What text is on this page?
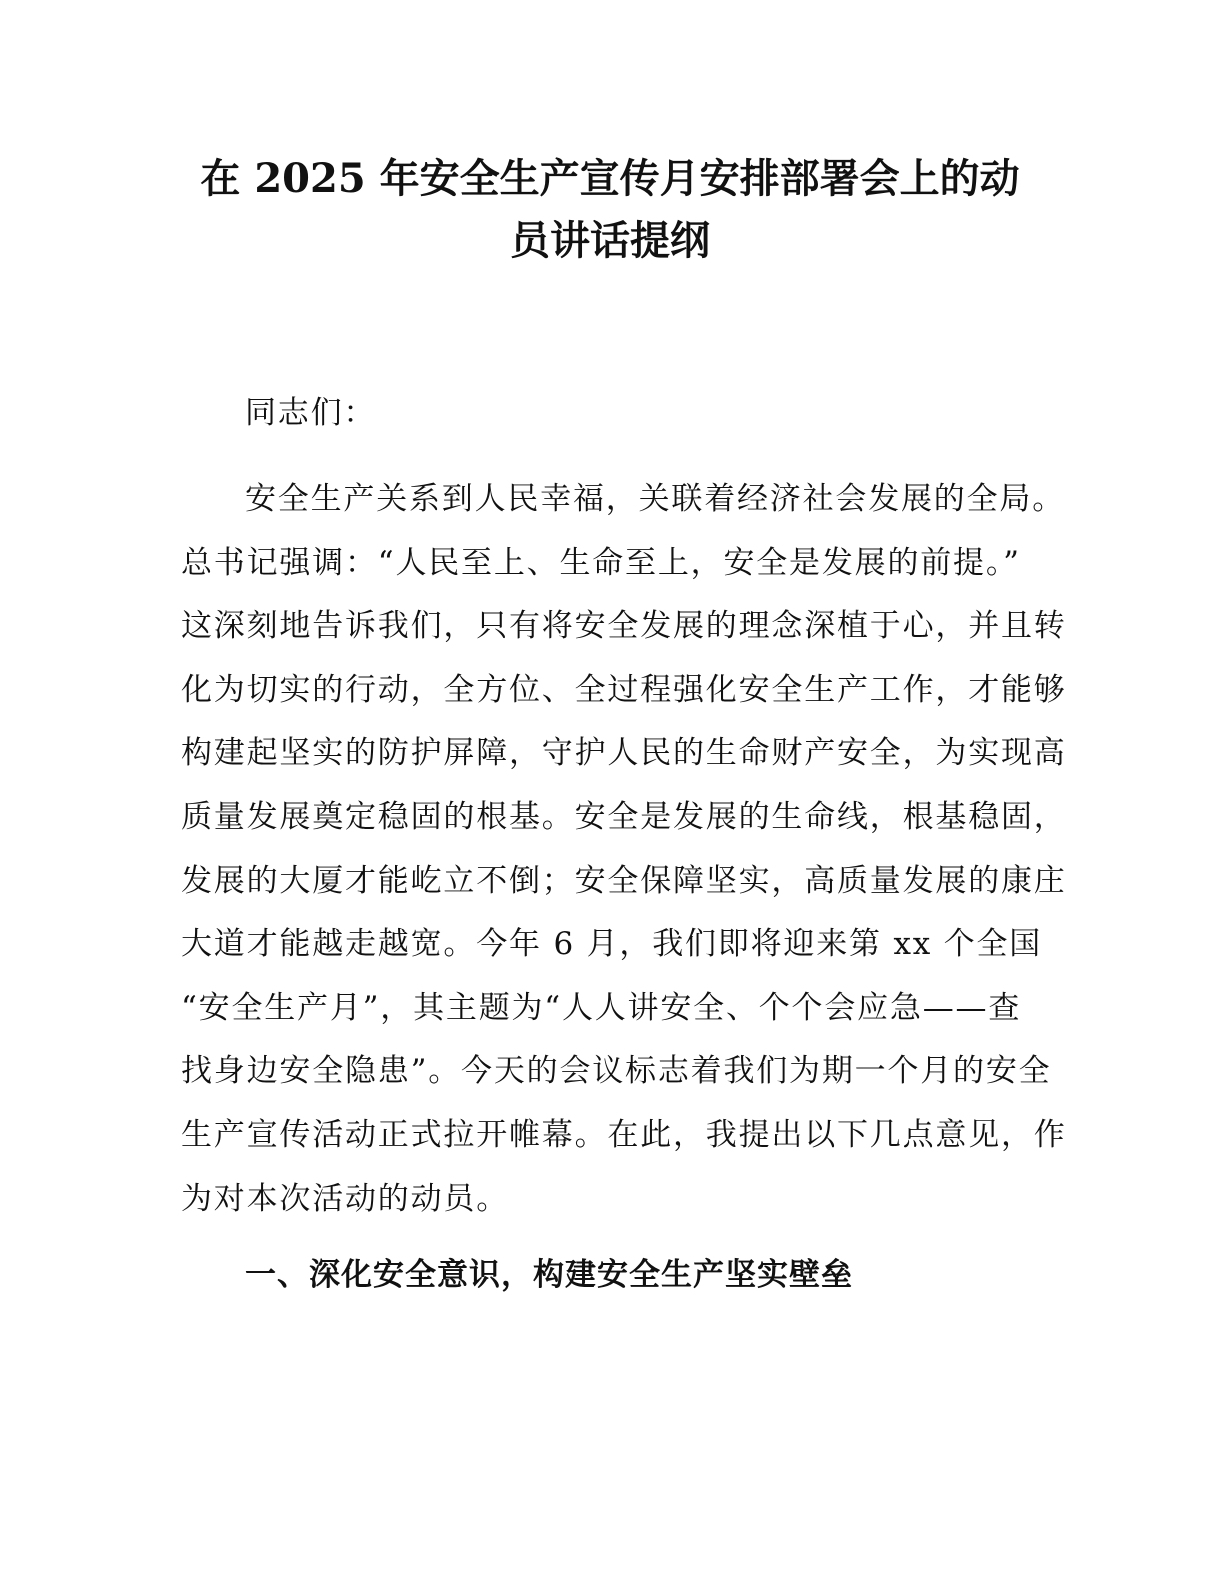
在 2025 年安全生产宣传月安排部署会上的动
员讲话提纲
同志们：
安全生产关系到人民幸福，关联着经济社会发展的全局。
总书记强调：“人民至上、生命至上，安全是发展的前提。”
这深刻地告诉我们，只有将安全发展的理念深植于心，并且转
化为切实的行动，全方位、全过程强化安全生产工作，才能够
构建起坚实的防护屏障，守护人民的生命财产安全，为实现高
质量发展奠定稳固的根基。安全是发展的生命线，根基稳固，
发展的大厦才能屹立不倒；安全保障坚实，高质量发展的康庄
大道才能越走越宽。今年 6 月，我们即将迎来第 xx 个全国
“安全生产月”，其主题为“人人讲安全、个个会应急——查
找身边安全隐患”。今天的会议标志着我们为期一个月的安全
生产宣传活动正式拉开帷幕。在此，我提出以下几点意见，作
为对本次活动的动员。
一、深化安全意识，构建安全生产坚实壁垒
